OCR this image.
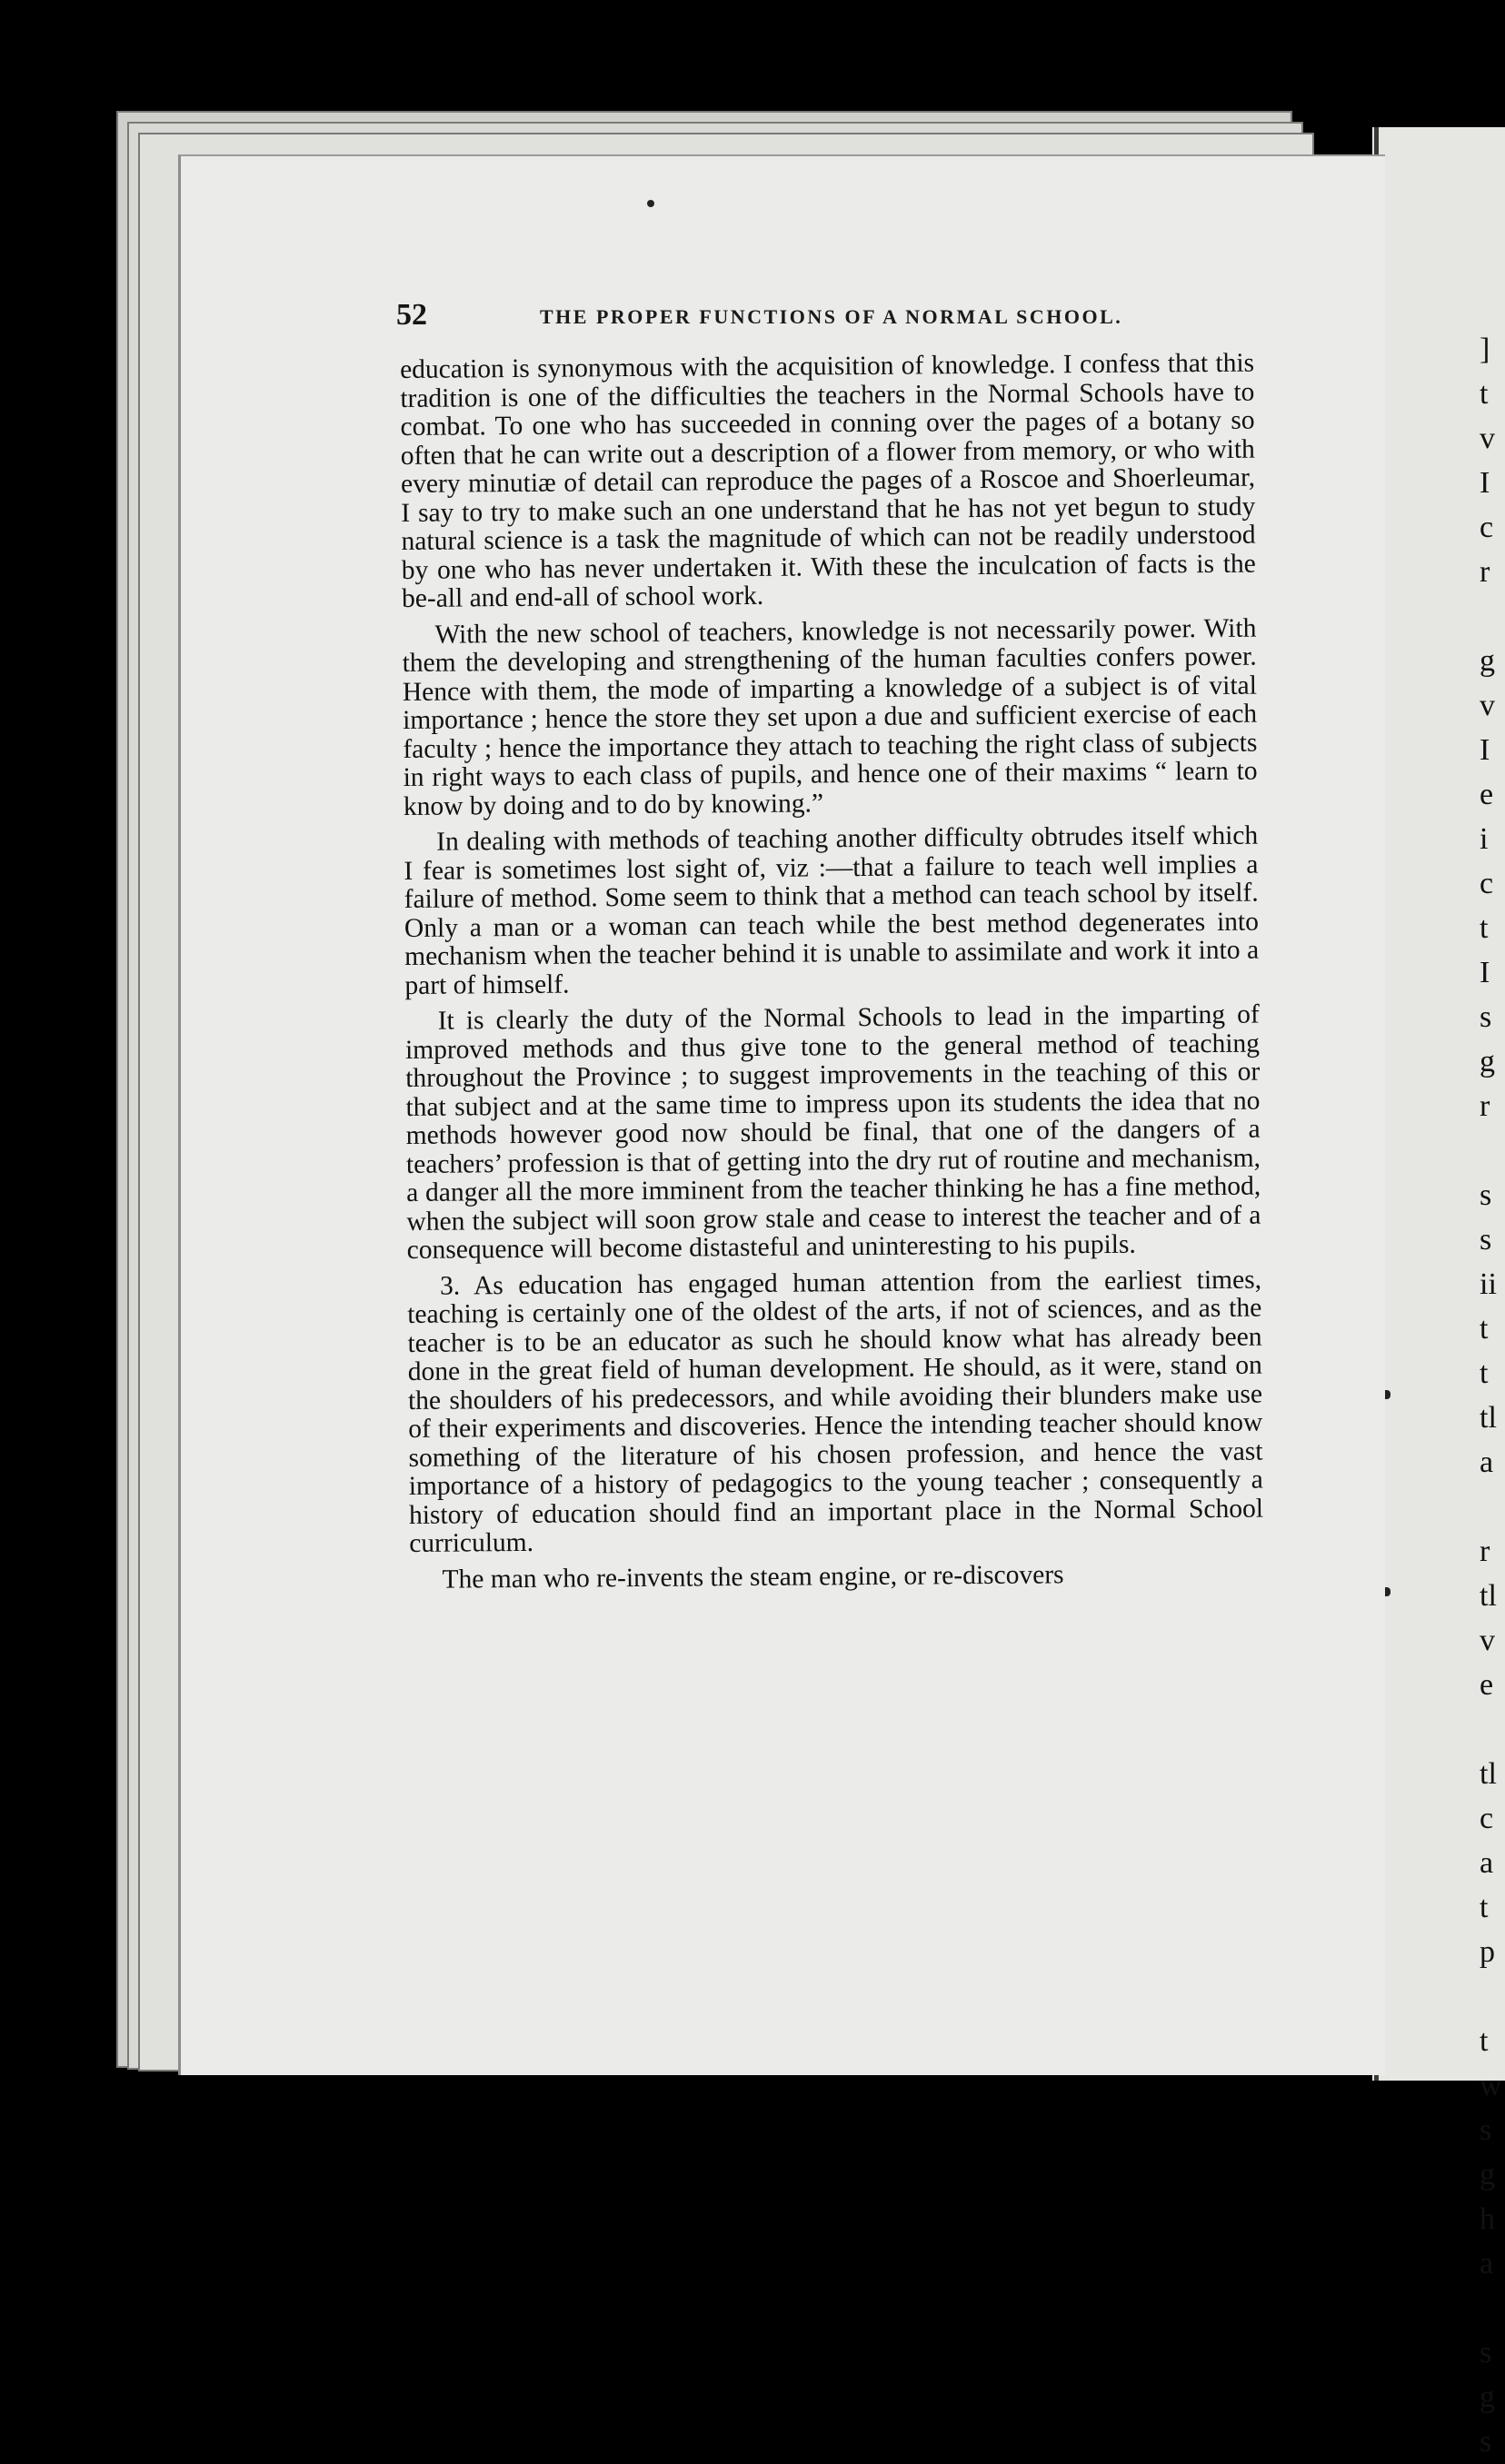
]
t
v
I
c
r
g
v
I
e
i
c
t
I
s
g
r
s
s
ii
t
t
tl
a
r
tl
v
e
tl
c
a
t
p
t
w
s
g
h
a
s
g
s
52	THE PROPER FUNCTIONS OF A NORMAL SCHOOL.

education is synonymous with the acquisition of knowledge. I confess that this tradition is one of the difficulties the teachers in the Normal Schools have to combat. To one who has succeeded in conning over the pages of a botany so often that he can write out a description of a flower from memory, or who with every minutiæ of detail can reproduce the pages of a Roscoe and Shoerleumar, I say to try to make such an one understand that he has not yet begun to study natural science is a task the magnitude of which can not be readily understood by one who has never undertaken it. With these the inculcation of facts is the be-all and end-all of school work.

With the new school of teachers, knowledge is not necessarily power. With them the developing and strengthening of the human faculties confers power. Hence with them, the mode of imparting a knowledge of a subject is of vital importance ; hence the store they set upon a due and sufficient exercise of each faculty ; hence the importance they attach to teaching the right class of subjects in right ways to each class of pupils, and hence one of their maxims “ learn to know by doing and to do by knowing.”

In dealing with methods of teaching another difficulty obtrudes itself which I fear is sometimes lost sight of, viz :—that a failure to teach well implies a failure of method. Some seem to think that a method can teach school by itself. Only a man or a woman can teach while the best method degenerates into mechanism when the teacher behind it is unable to assimilate and work it into a part of himself.

It is clearly the duty of the Normal Schools to lead in the imparting of improved methods and thus give tone to the general method of teaching throughout the Province ; to suggest improvements in the teaching of this or that subject and at the same time to impress upon its students the idea that no methods however good now should be final, that one of the dangers of a teachers’ profession is that of getting into the dry rut of routine and mechanism, a danger all the more imminent from the teacher thinking he has a fine method, when the subject will soon grow stale and cease to interest the teacher and of a consequence will become distasteful and uninteresting to his pupils.

3. As education has engaged human attention from the earliest times, teaching is certainly one of the oldest of the arts, if not of sciences, and as the teacher is to be an educator as such he should know what has already been done in the great field of human development. He should, as it were, stand on the shoulders of his predecessors, and while avoiding their blunders make use of their experiments and discoveries. Hence the intending teacher should know something of the literature of his chosen profession, and hence the vast importance of a history of pedagogics to the young teacher ; consequently a history of education should find an important place in the Normal School curriculum.

The man who re-invents the steam engine, or re-discovers
